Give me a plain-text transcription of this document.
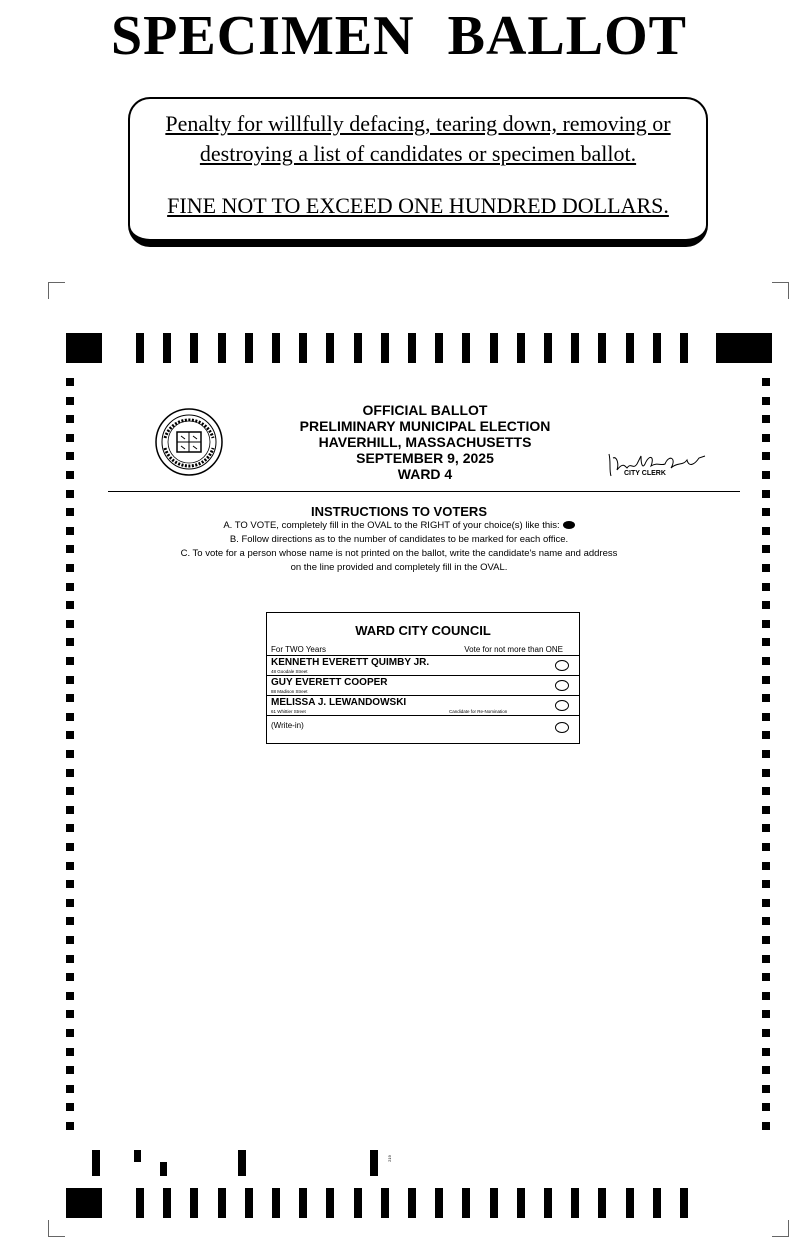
SPECIMEN BALLOT
Penalty for willfully defacing, tearing down, removing or
destroying a list of candidates or specimen ballot.
FINE NOT TO EXCEED ONE HUNDRED DOLLARS.
OFFICIAL BALLOT
PRELIMINARY MUNICIPAL ELECTION
HAVERHILL, MASSACHUSETTS
SEPTEMBER 9, 2025
WARD 4
Kaitlin M. Wright
CITY CLERK
INSTRUCTIONS TO VOTERS
A. TO VOTE, completely fill in the OVAL to the RIGHT of your choice(s) like this:
B. Follow directions as to the number of candidates to be marked for each office.
C. To vote for a person whose name is not printed on the ballot, write the candidate's name and address
on the line provided and completely fill in the OVAL.
WARD CITY COUNCIL
For TWO Years	Vote for not more than ONE
KENNETH EVERETT QUIMBY JR.
48 Goodale Street
GUY EVERETT COOPER
88 Madison Street
MELISSA J. LEWANDOWSKI
61 Whittier Street	Candidate for Re-Nomination
(Write-in)
219
